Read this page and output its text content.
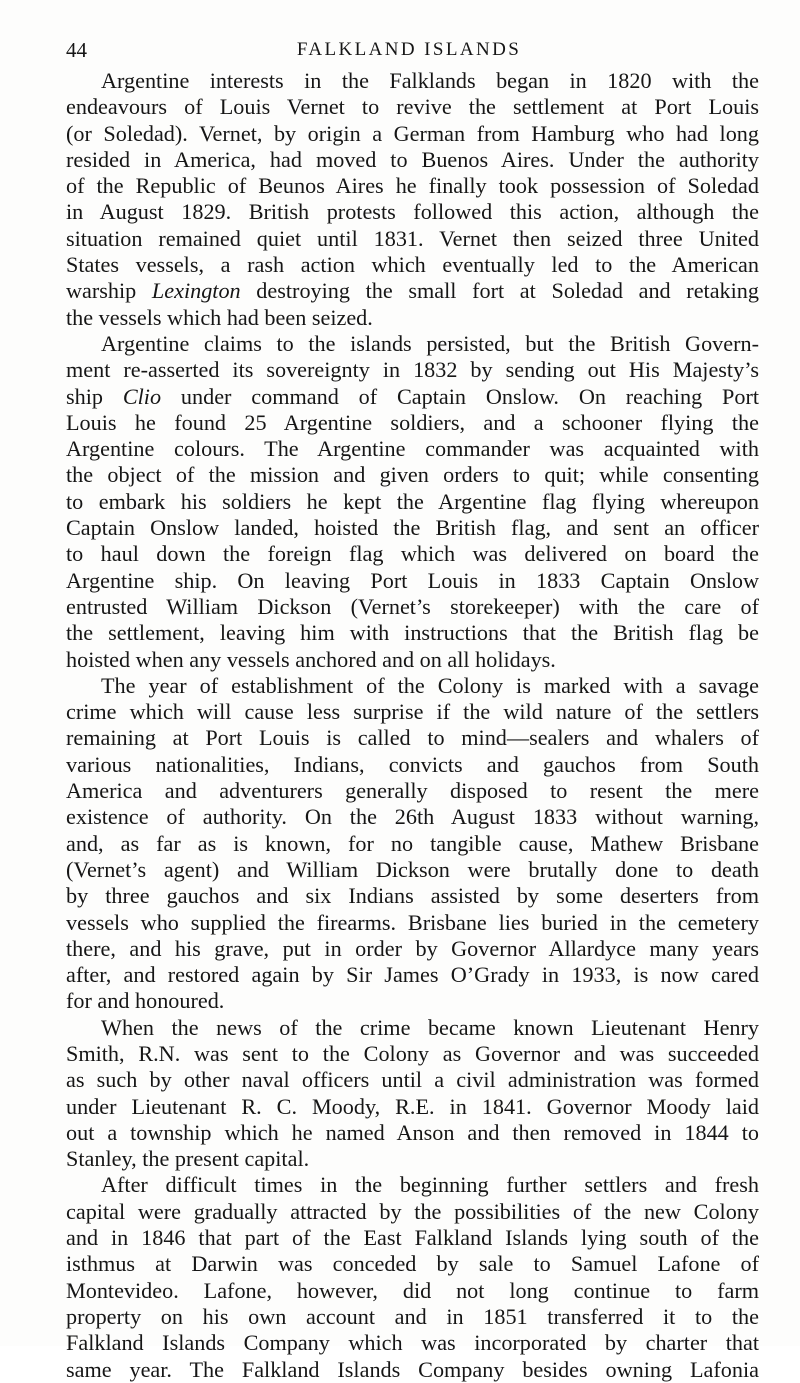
44	FALKLAND ISLANDS
Argentine interests in the Falklands began in 1820 with the
endeavours of Louis Vernet to revive the settlement at Port Louis
(or Soledad). Vernet, by origin a German from Hamburg who had long
resided in America, had moved to Buenos Aires. Under the authority
of the Republic of Beunos Aires he finally took possession of Soledad
in August 1829. British protests followed this action, although the
situation remained quiet until 1831. Vernet then seized three United
States vessels, a rash action which eventually led to the American
warship Lexington destroying the small fort at Soledad and retaking
the vessels which had been seized.
Argentine claims to the islands persisted, but the British Govern-
ment re-asserted its sovereignty in 1832 by sending out His Majesty’s
ship Clio under command of Captain Onslow. On reaching Port
Louis he found 25 Argentine soldiers, and a schooner flying the
Argentine colours. The Argentine commander was acquainted with
the object of the mission and given orders to quit; while consenting
to embark his soldiers he kept the Argentine flag flying whereupon
Captain Onslow landed, hoisted the British flag, and sent an officer
to haul down the foreign flag which was delivered on board the
Argentine ship. On leaving Port Louis in 1833 Captain Onslow
entrusted William Dickson (Vernet’s storekeeper) with the care of
the settlement, leaving him with instructions that the British flag be
hoisted when any vessels anchored and on all holidays.
The year of establishment of the Colony is marked with a savage
crime which will cause less surprise if the wild nature of the settlers
remaining at Port Louis is called to mind—sealers and whalers of
various nationalities, Indians, convicts and gauchos from South
America and adventurers generally disposed to resent the mere
existence of authority. On the 26th August 1833 without warning,
and, as far as is known, for no tangible cause, Mathew Brisbane
(Vernet’s agent) and William Dickson were brutally done to death
by three gauchos and six Indians assisted by some deserters from
vessels who supplied the firearms. Brisbane lies buried in the cemetery
there, and his grave, put in order by Governor Allardyce many years
after, and restored again by Sir James O’Grady in 1933, is now cared
for and honoured.
When the news of the crime became known Lieutenant Henry
Smith, R.N. was sent to the Colony as Governor and was succeeded
as such by other naval officers until a civil administration was formed
under Lieutenant R. C. Moody, R.E. in 1841. Governor Moody laid
out a township which he named Anson and then removed in 1844 to
Stanley, the present capital.
After difficult times in the beginning further settlers and fresh
capital were gradually attracted by the possibilities of the new Colony
and in 1846 that part of the East Falkland Islands lying south of the
isthmus at Darwin was conceded by sale to Samuel Lafone of
Montevideo. Lafone, however, did not long continue to farm
property on his own account and in 1851 transferred it to the
Falkland Islands Company which was incorporated by charter that
same year. The Falkland Islands Company besides owning Lafonia
